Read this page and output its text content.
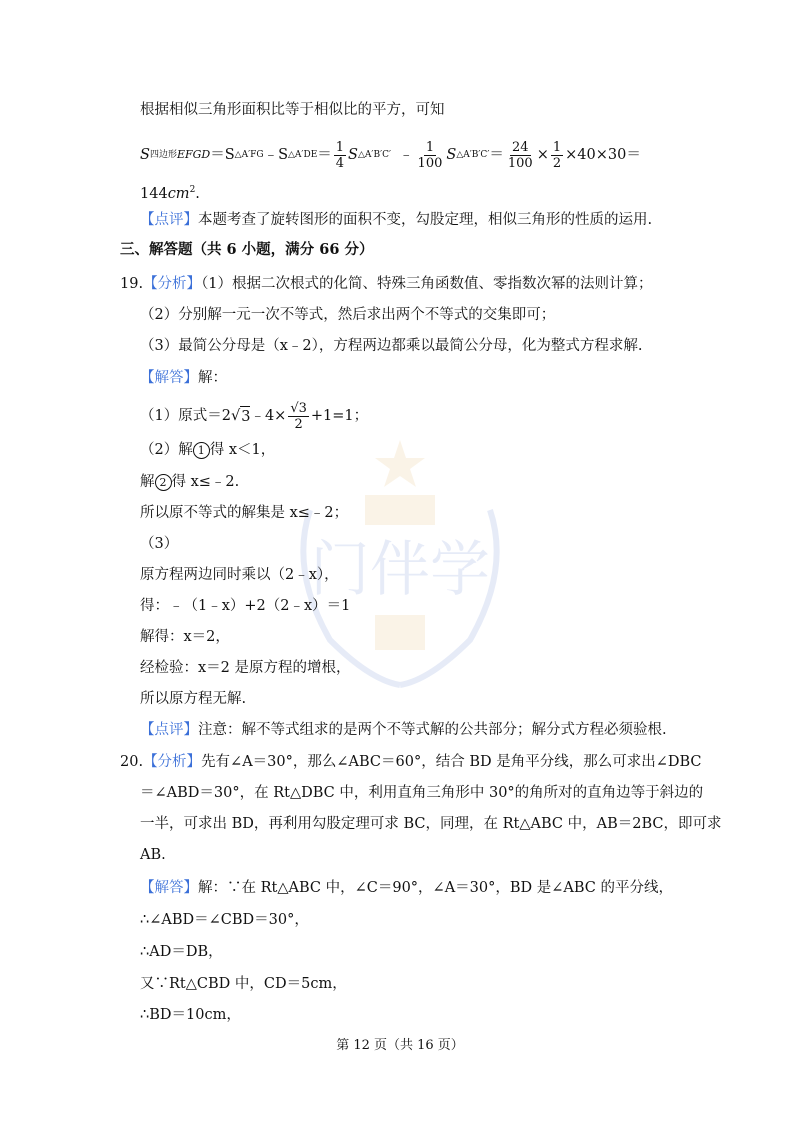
门伴学
根据相似三角形面积比等于相似比的平方，可知
S 四边形 EFGD ＝S △A′FG ﹣S △A′DE ＝ $\frac{1}{4}$ S △A′B′C′ ﹣ $\frac{1}{100}$ S △A′B′C′ ＝ $\frac{24}{100} \times \frac{1}{2} \times 40\times 30=$
$144cm^2$.
【点评】本题考查了旋转图形的面积不变，勾股定理，相似三角形的性质的运用.
三、解答题（共 6 小题，满分 66 分）
19.【分析】（1）根据二次根式的化简、特殊三角函数值、零指数次幂的法则计算；
（2）分别解一元一次不等式，然后求出两个不等式的交集即可；
（3）最简公分母是（x﹣2），方程两边都乘以最简公分母，化为整式方程求解.
【解答】解：
（1）原式＝ 2 √ 3 ﹣4× $\frac{√3}{2} +1=1$；
（2）解 1 得 x＜1，
解 2 得 x≤﹣2.
所以原不等式的解集是 x≤﹣2；
（3）
原方程两边同时乘以（2﹣x），
得：﹣（1﹣x）+2（2﹣x）＝1
解得：x＝2，
经检验：x＝2 是原方程的增根，
所以原方程无解.
【点评】注意：解不等式组求的是两个不等式解的公共部分；解分式方程必须验根.
20.【分析】先有∠A＝30°，那么∠ABC＝60°，结合 BD 是角平分线，那么可求出∠DBC
＝∠ABD＝30°，在 Rt△DBC 中，利用直角三角形中 30°的角所对的直角边等于斜边的
一半，可求出 BD，再利用勾股定理可求 BC，同理，在 Rt△ABC 中，AB＝2BC，即可求
AB.
【解答】解：∵在 Rt△ABC 中，∠C＝90°，∠A＝30°，BD 是∠ABC 的平分线，
∴∠ABD＝∠CBD＝30°，
∴AD＝DB，
又∵Rt△CBD 中，CD＝5cm，
∴BD＝10cm，
第 12 页（共 16 页）
